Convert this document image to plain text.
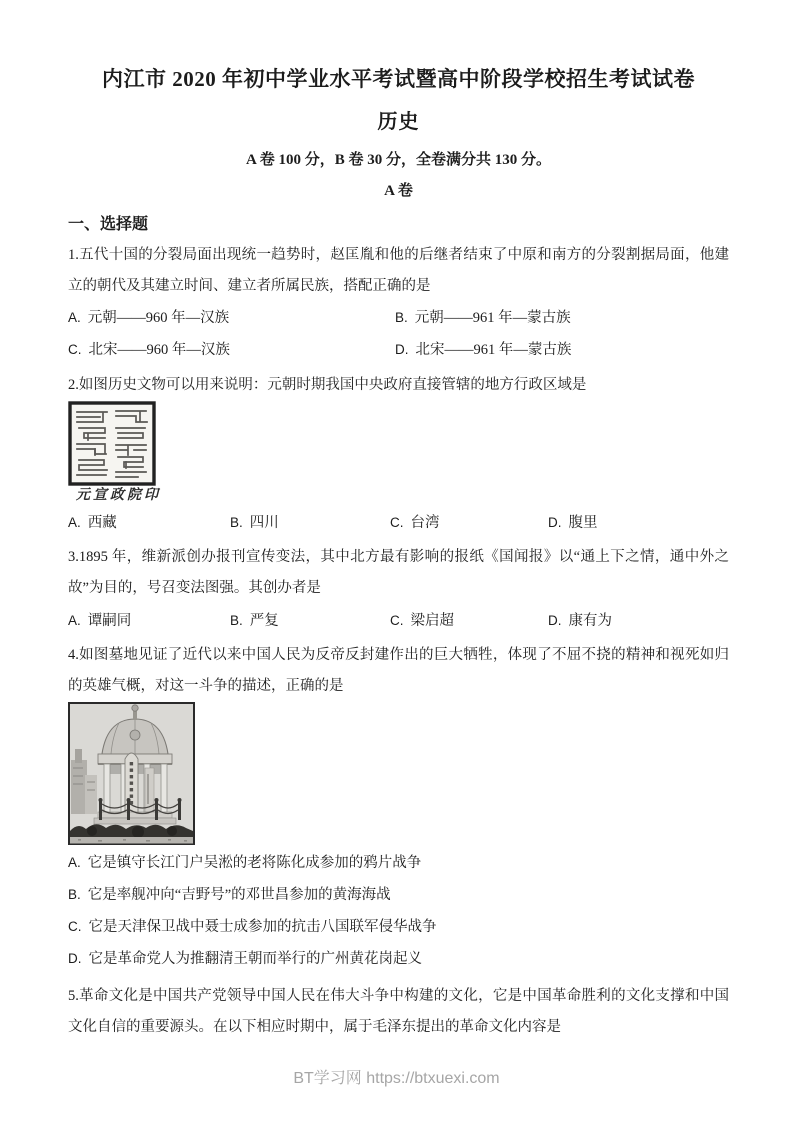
内江市 2020 年初中学业水平考试暨高中阶段学校招生考试试卷
历史
A 卷 100 分，B 卷 30 分，全卷满分共 130 分。
A 卷
一、选择题
1.五代十国的分裂局面出现统一趋势时，赵匡胤和他的后继者结束了中原和南方的分裂割据局面，他建立的朝代及其建立时间、建立者所属民族，搭配正确的是
A. 元朝——960 年—汉族	B. 元朝——961 年—蒙古族
C. 北宋——960 年—汉族	D. 北宋——961 年—蒙古族
2.如图历史文物可以用来说明：元朝时期我国中央政府直接管辖的地方行政区域是
元宣政院印
A. 西藏	B. 四川	C. 台湾	D. 腹里
3.1895 年，维新派创办报刊宣传变法，其中北方最有影响的报纸《国闻报》以“通上下之情，通中外之故”为目的，号召变法图强。其创办者是
A. 谭嗣同	B. 严复	C. 梁启超	D. 康有为
4.如图墓地见证了近代以来中国人民为反帝反封建作出的巨大牺牲，体现了不屈不挠的精神和视死如归的英雄气概，对这一斗争的描述，正确的是
A. 它是镇守长江门户吴淞的老将陈化成参加的鸦片战争
B. 它是率舰冲向“吉野号”的邓世昌参加的黄海海战
C. 它是天津保卫战中聂士成参加的抗击八国联军侵华战争
D. 它是革命党人为推翻清王朝而举行的广州黄花岗起义
5.革命文化是中国共产党领导中国人民在伟大斗争中构建的文化，它是中国革命胜利的文化支撑和中国文化自信的重要源头。在以下相应时期中，属于毛泽东提出的革命文化内容是
BT学习网 https://btxuexi.com
